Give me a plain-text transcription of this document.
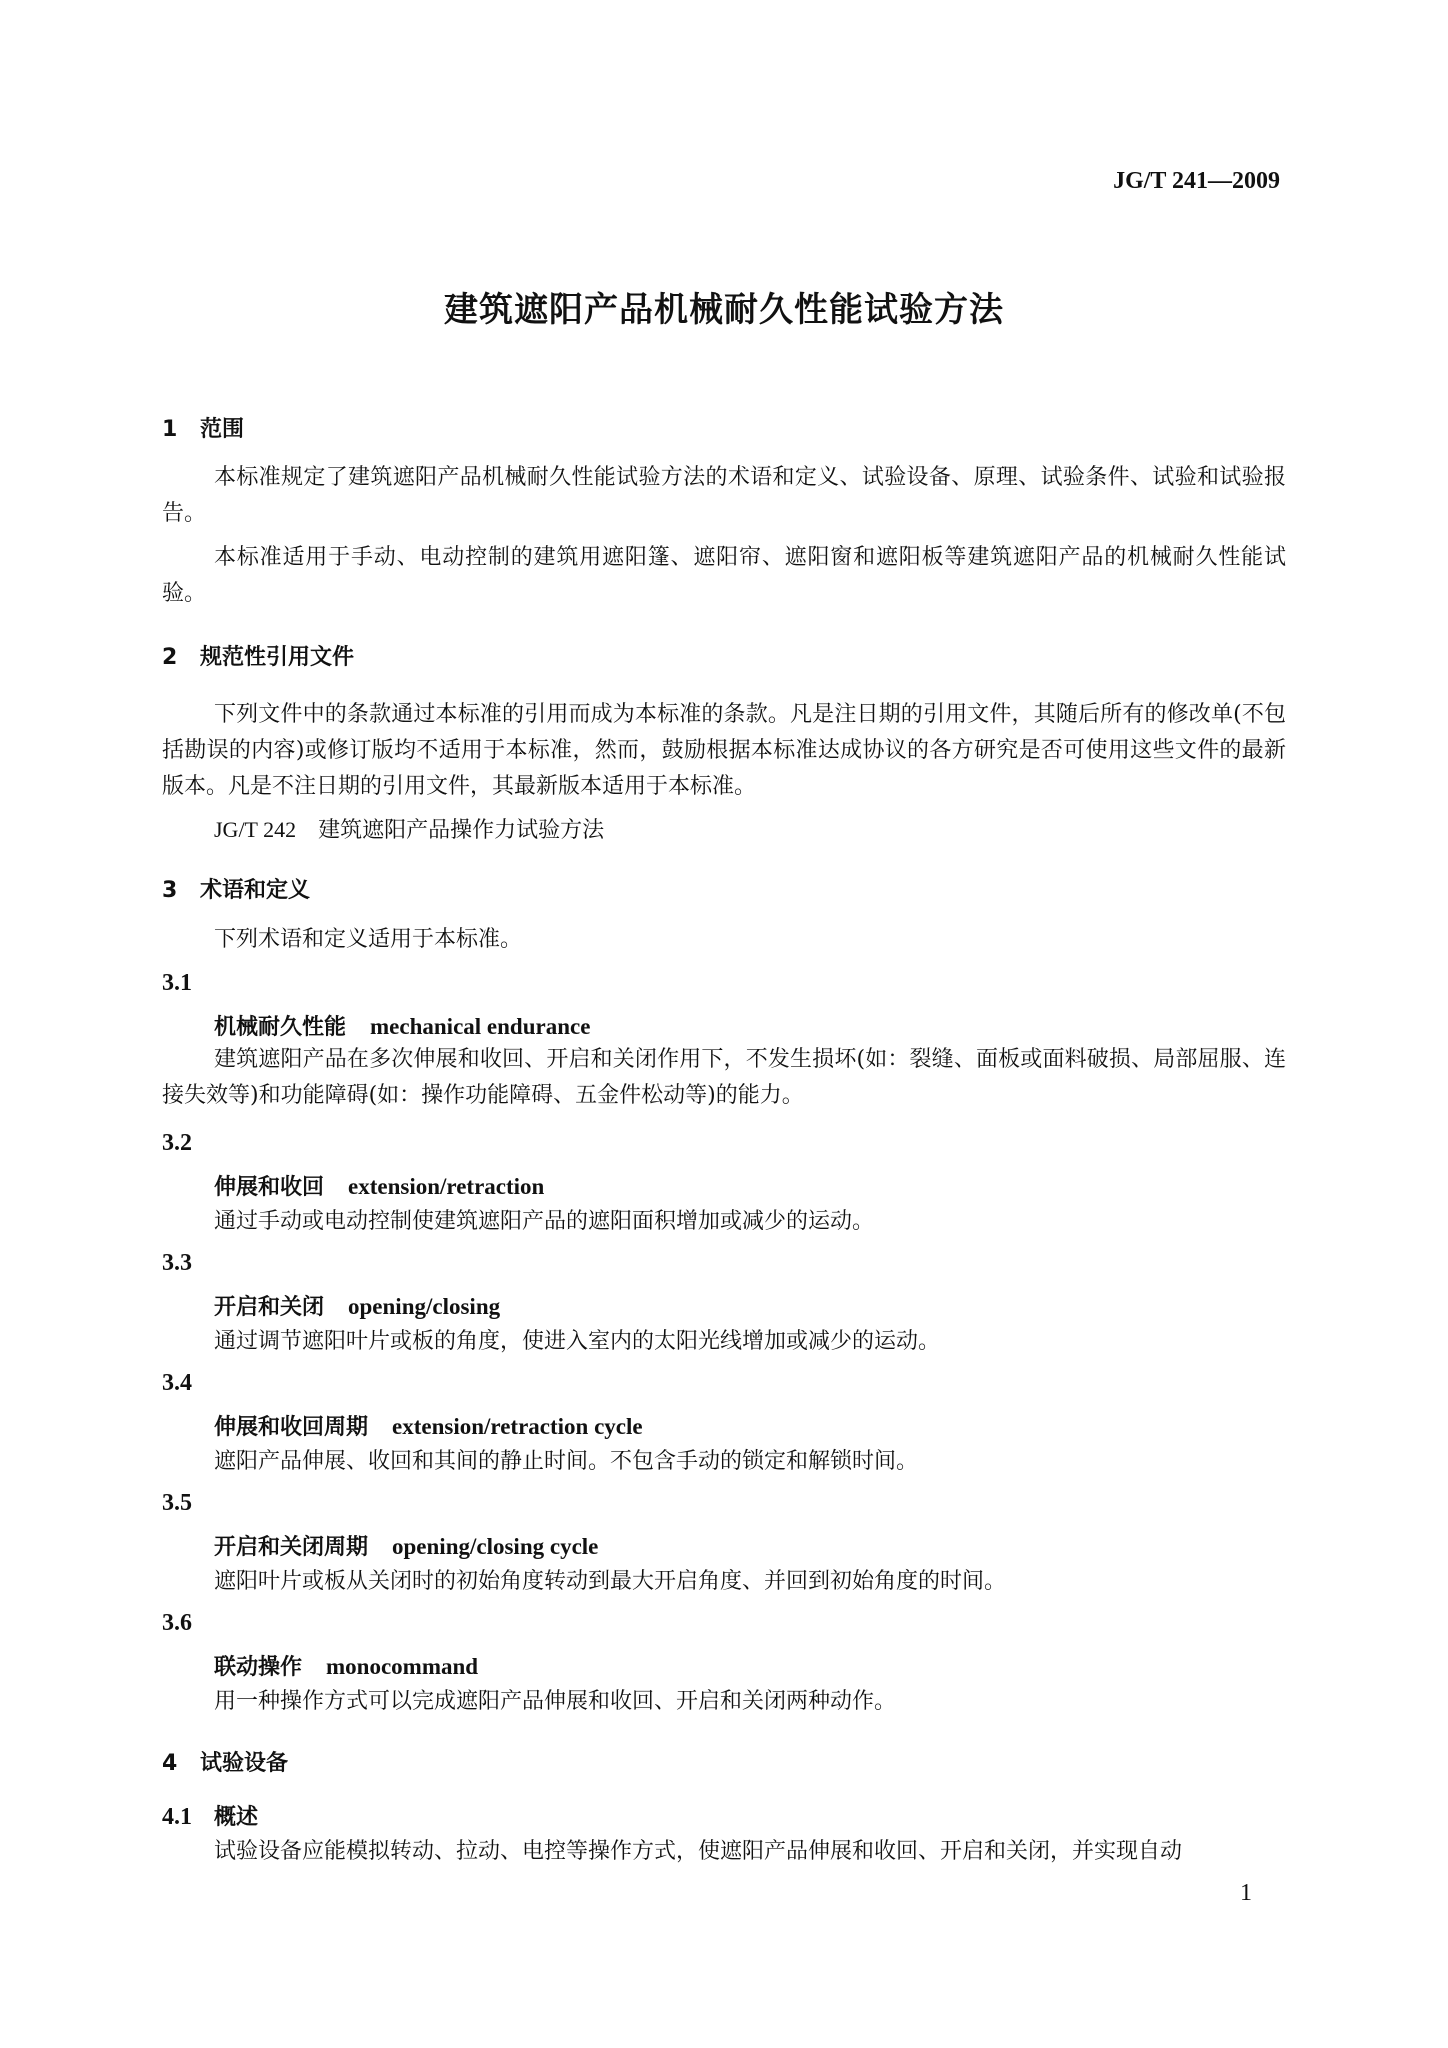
JG/T 241—2009
建筑遮阳产品机械耐久性能试验方法
1 范围
本标准规定了建筑遮阳产品机械耐久性能试验方法的术语和定义、试验设备、原理、试验条件、试验和试验报告。
本标准适用于手动、电动控制的建筑用遮阳篷、遮阳帘、遮阳窗和遮阳板等建筑遮阳产品的机械耐久性能试验。
2 规范性引用文件
下列文件中的条款通过本标准的引用而成为本标准的条款。凡是注日期的引用文件，其随后所有的修改单(不包括勘误的内容)或修订版均不适用于本标准，然而，鼓励根据本标准达成协议的各方研究是否可使用这些文件的最新版本。凡是不注日期的引用文件，其最新版本适用于本标准。
JG/T 242 建筑遮阳产品操作力试验方法
3 术语和定义
下列术语和定义适用于本标准。
3.1
机械耐久性能 mechanical endurance
建筑遮阳产品在多次伸展和收回、开启和关闭作用下，不发生损坏(如：裂缝、面板或面料破损、局部屈服、连接失效等)和功能障碍(如：操作功能障碍、五金件松动等)的能力。
3.2
伸展和收回 extension/retraction
通过手动或电动控制使建筑遮阳产品的遮阳面积增加或减少的运动。
3.3
开启和关闭 opening/closing
通过调节遮阳叶片或板的角度，使进入室内的太阳光线增加或减少的运动。
3.4
伸展和收回周期 extension/retraction cycle
遮阳产品伸展、收回和其间的静止时间。不包含手动的锁定和解锁时间。
3.5
开启和关闭周期 opening/closing cycle
遮阳叶片或板从关闭时的初始角度转动到最大开启角度、并回到初始角度的时间。
3.6
联动操作 monocommand
用一种操作方式可以完成遮阳产品伸展和收回、开启和关闭两种动作。
4 试验设备
4.1 概述
试验设备应能模拟转动、拉动、电控等操作方式，使遮阳产品伸展和收回、开启和关闭，并实现自动
1
